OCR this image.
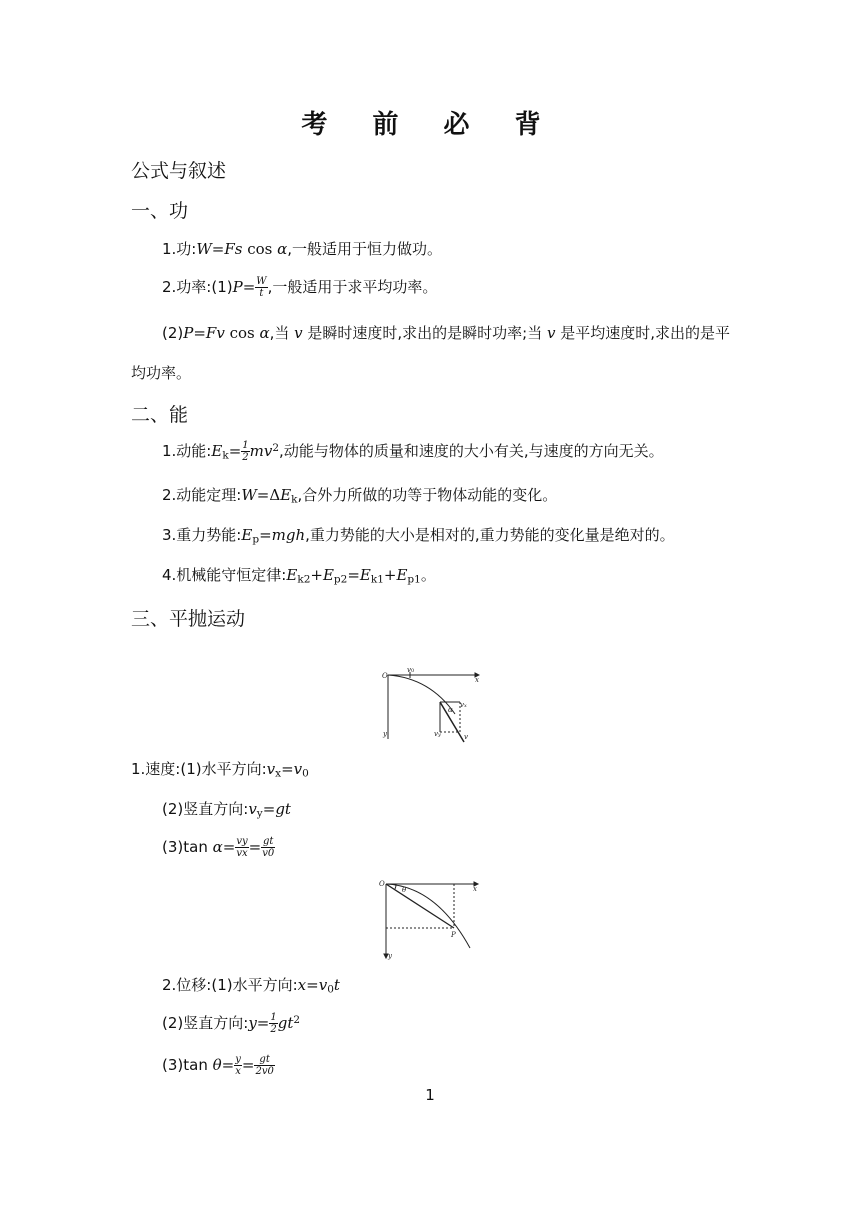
考 前 必 背
公式与叙述
一、功
1.功:W=Fs cos α,一般适用于恒力做功。
2.功率:(1)P= $\frac{W}{t}$ ,一般适用于求平均功率。
(2)P=Fv cos α,当 v 是瞬时速度时,求出的是瞬时功率;当 v 是平均速度时,求出的是平
均功率。
二、能
1.动能$:E_k= \frac{1}{2} mv^2$,动能与物体的质量和速度的大小有关,与速度的方向无关。
2.动能定理$:W=\Delta E_k$,合外力所做的功等于物体动能的变化。
3.重力势能$:E_p=mgh$,重力势能的大小是相对的,重力势能的变化量是绝对的。
4.机械能守恒定律$:E_{k2}+E_{p2}=E_{k1}+E_{p1}$。
三、平抛运动
O	x
v0
α
vx
vy
y	v
1.速度:(1)水平方向$:v_x=v_0$
(2)竖直方向$:v_y=gt$
(3)tan $\alpha= \frac{vy}{vx} = \frac{gt}{v0}$
O
θ	x
P
y
2.位移:(1)水平方向$:x=v_0t$
(2)竖直方向:y= $\frac{1}{2} gt^2$
(3)tan $\theta= \frac{y}{x} = \frac{gt}{2v0}$
1
